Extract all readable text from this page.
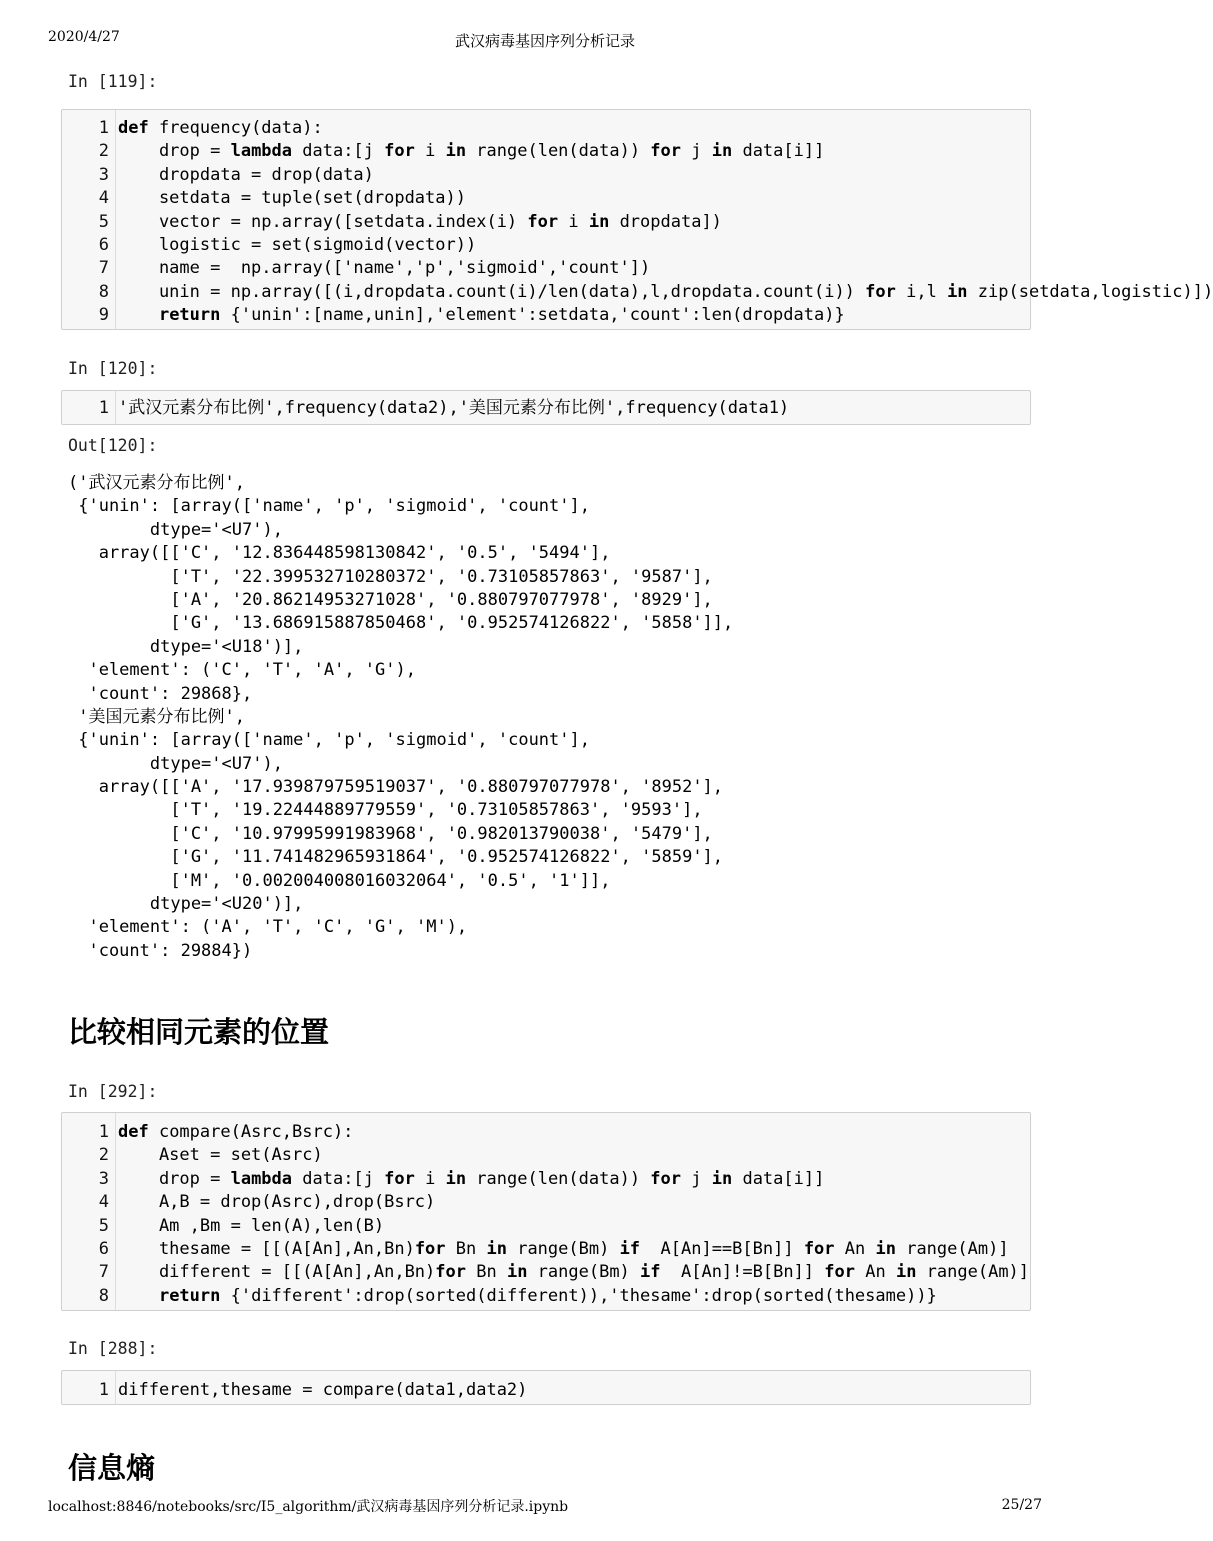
2020/4/27	武汉病毒基因序列分析记录
In [119]:
1 def frequency(data):
2 drop = lambda data:[j for i in range(len(data)) for j in data[i]]
3 dropdata = drop(data)
4 setdata = tuple(set(dropdata))
5 vector = np.array([setdata.index(i) for i in dropdata])
6 logistic = set(sigmoid(vector))
7 name =  np.array(['name','p','sigmoid','count'])
8 unin = np.array([(i,dropdata.count(i)/len(data),l,dropdata.count(i)) for i,l in zip(setdata,logistic)])
9	return {'unin':[name,unin],'element':setdata,'count':len(dropdata)}
In [120]:
1 '武汉元素分布比例',frequency(data2),'美国元素分布比例',frequency(data1)
Out[120]:
('武汉元素分布比例',
{'unin': [array(['name', 'p', 'sigmoid', 'count'],
dtype='<U7'),
array([['C', '12.836448598130842', '0.5', '5494'],
['T', '22.399532710280372', '0.73105857863', '9587'],
['A', '20.86214953271028', '0.880797077978', '8929'],
['G', '13.686915887850468', '0.952574126822', '5858']],
dtype='<U18')],
'element': ('C', 'T', 'A', 'G'),
'count': 29868},
'美国元素分布比例',
{'unin': [array(['name', 'p', 'sigmoid', 'count'],
dtype='<U7'),
array([['A', '17.939879759519037', '0.880797077978', '8952'],
['T', '19.22444889779559', '0.73105857863', '9593'],
['C', '10.97995991983968', '0.982013790038', '5479'],
['G', '11.741482965931864', '0.952574126822', '5859'],
['M', '0.002004008016032064', '0.5', '1']],
dtype='<U20')],
'element': ('A', 'T', 'C', 'G', 'M'),
'count': 29884})
比较相同元素的位置
In [292]:
1 def compare(Asrc,Bsrc):
2 Aset = set(Asrc)
3 drop = lambda data:[j for i in range(len(data)) for j in data[i]]
4 A,B = drop(Asrc),drop(Bsrc)
5 Am ,Bm = len(A),len(B)
6 thesame = [[(A[An],An,Bn)for Bn in range(Bm) if  A[An]==B[Bn]] for An in range(Am)]
7 different = [[(A[An],An,Bn)for Bn in range(Bm) if  A[An]!=B[Bn]] for An in range(Am)]
8	return {'different':drop(sorted(different)),'thesame':drop(sorted(thesame))}
In [288]:
1 different,thesame = compare(data1,data2)
信息熵
localhost:8846/notebooks/src/I5_algorithm/武汉病毒基因序列分析记录.ipynb	25/27
